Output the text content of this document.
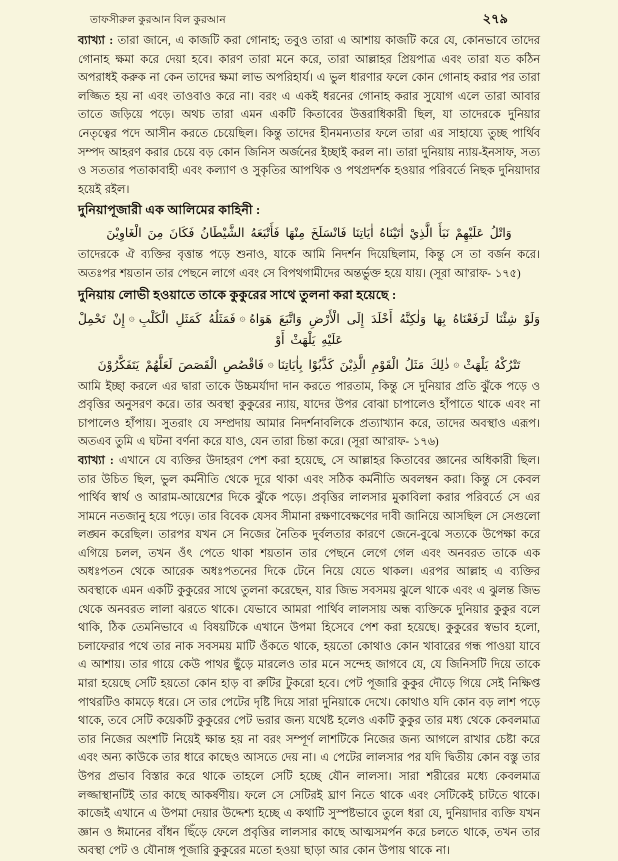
তাফসীরুল কুরআন বিল কুরআন	২৭৯

ব্যাখ্যা : তারা জানে, এ কাজটি করা গোনাহ; তবুও তারা এ আশায় কাজটি করে যে, কোনভাবে তাদের গোনাহ ক্ষমা করে দেয়া হবে। কারণ তারা মনে করে, তারা আল্লাহর প্রিয়পাত্র এবং তারা যত কঠিন অপরাধই করুক না কেন তাদের ক্ষমা লাভ অপরিহার্য। এ ভুল ধারণার ফলে কোন গোনাহ করার পর তারা লজ্জিত হয় না এবং তাওবাও করে না। বরং এ একই ধরনের গোনাহ করার সুযোগ এলে তারা আবার তাতে জড়িয়ে পড়ে। অথচ তারা এমন একটি কিতাবের উত্তরাধিকারী ছিল, যা তাদেরকে দুনিয়ার নেতৃত্বের পদে আসীন করতে চেয়েছিল। কিন্তু তাদের হীনমন্যতার ফলে তারা এর সাহায্যে তুচ্ছ পার্থিব সম্পদ আহরণ করার চেয়ে বড় কোন জিনিস অর্জনের ইচ্ছাই করল না। তারা দুনিয়ায় ন্যায়-ইনসাফ, সত্য ও সততার পতাকাবাহী এবং কল্যাণ ও সুকৃতির আপথিক ও পথপ্রদর্শক হওয়ার পরিবর্তে নিছক দুনিয়াদার হয়েই রইল।

দুনিয়াপূজারী এক আলিমের কাহিনী :
وَاتْلُ عَلَيْهِمْ نَبَأَ الَّذِيْ اٰتَيْنَاهُ اٰيَاتِنَا فَانْسَلَخَ مِنْهَا فَأَتْبَعَهُ الشَّيْطَانُ فَكَانَ مِنَ الْغَاوِيْنَ

তাদেরকে ঐ ব্যক্তির বৃত্তান্ত পড়ে শুনাও, যাকে আমি নিদর্শন দিয়েছিলাম, কিন্তু সে তা বর্জন করে। অতঃপর শয়তান তার পেছনে লাগে এবং সে বিপথগামীদের অন্তর্ভুক্ত হয়ে যায়। (সূরা আ'রাফ- ১৭৫)

দুনিয়ায় লোভী হওয়াতে তাকে কুকুরের সাথে তুলনা করা হয়েছে :
وَلَوْ شِئْنَا لَرَفَعْنَاهُ بِهَا وَلٰكِنَّهُ أَخْلَدَ إِلَى الْأَرْضِ وَاتَّبَعَ هَوَاهُ۞فَمَثَلُهُ كَمَثَلِ الْكَلْبِ۞إِنْ تَحْمِلْ عَلَيْهِ يَلْهَثْ أَوْ
تَتْرُكْهُ يَلْهَثْ۞ذٰلِكَ مَثَلُ الْقَوْمِ الَّذِيْنَ كَذَّبُوْا بِاٰيَاتِنَا۞فَاقْصُصِ الْقَصَصَ لَعَلَّهُمْ يَتَفَكَّرُوْنَ

আমি ইচ্ছা করলে এর দ্বারা তাকে উচ্চমর্যাদা দান করতে পারতাম, কিন্তু সে দুনিয়ার প্রতি ঝুঁকে পড়ে ও প্রবৃত্তির অনুসরণ করে। তার অবস্থা কুকুরের ন্যায়, যাদের উপর বোঝা চাপালেও হাঁপাতে থাকে এবং না চাপালেও হাঁপায়। সুতরাং যে সম্প্রদায় আমার নিদর্শনাবলিকে প্রত্যাখ্যান করে, তাদের অবস্থাও এরূপ। অতএব তুমি এ ঘটনা বর্ণনা করে যাও, যেন তারা চিন্তা করে। (সূরা আ'রাফ- ১৭৬)

ব্যাখ্যা : এখানে যে ব্যক্তির উদাহরণ পেশ করা হয়েছে, সে আল্লাহর কিতাবের জ্ঞানের অধিকারী ছিল। তার উচিত ছিল, ভুল কর্মনীতি থেকে দূরে থাকা এবং সঠিক কর্মনীতি অবলম্বন করা। কিন্তু সে কেবল পার্থিব স্বার্থ ও আরাম-আয়েশের দিকে ঝুঁকে পড়ে। প্রবৃত্তির লালসার মুকাবিলা করার পরিবর্তে সে এর সামনে নতজানু হয়ে পড়ে। তার বিবেক যেসব সীমানা রক্ষণাবেক্ষণের দাবী জানিয়ে আসছিল সে সেগুলো লঙ্ঘন করেছিল। তারপর যখন সে নিজের নৈতিক দুর্বলতার কারণে জেনে-বুঝে সত্যকে উপেক্ষা করে এগিয়ে চলল, তখন ওঁৎ পেতে থাকা শয়তান তার পেছনে লেগে গেল এবং অনবরত তাকে এক অধঃপতন থেকে আরেক অধঃপতনের দিকে টেনে নিয়ে যেতে থাকল। এরপর আল্লাহ এ ব্যক্তির অবস্থাকে এমন একটি কুকুরের সাথে তুলনা করেছেন, যার জিভ সবসময় ঝুলে থাকে এবং এ ঝুলন্ত জিভ থেকে অনবরত লালা ঝরতে থাকে। যেভাবে আমরা পার্থিব লালসায় অন্ধ ব্যক্তিকে দুনিয়ার কুকুর বলে থাকি, ঠিক তেমনিভাবে এ বিষয়টিকে এখানে উপমা হিসেবে পেশ করা হয়েছে। কুকুরের স্বভাব হলো, চলাফেরার পথে তার নাক সবসময় মাটি ওঁকতে থাকে, হয়তো কোথাও কোন খাবারের গন্ধ পাওয়া যাবে এ আশায়। তার গায়ে কেউ পাথর ছুঁড়ে মারলেও তার মনে সন্দেহ জাগবে যে, যে জিনিসটি দিয়ে তাকে মারা হয়েছে সেটি হয়তো কোন হাড় বা রুটির টুকরো হবে। পেট পূজারি কুকুর দৌড়ে গিয়ে সেই নিক্ষিপ্ত পাথরটিও কামড়ে ধরে। সে তার পেটের দৃষ্টি দিয়ে সারা দুনিয়াকে দেখে। কোথাও যদি কোন বড় লাশ পড়ে থাকে, তবে সেটি কয়েকটি কুকুরের পেট ভরার জন্য যথেষ্ট হলেও একটি কুকুর তার মধ্য থেকে কেবলমাত্র তার নিজের অংশটি নিয়েই ক্ষান্ত হয় না বরং সম্পূর্ণ লাশটিকে নিজের জন্য আগলে রাখার চেষ্টা করে এবং অন্য কাউকে তার ধারে কাছেও আসতে দেয় না। এ পেটের লালসার পর যদি দ্বিতীয় কোন বস্তু তার উপর প্রভাব বিস্তার করে থাকে তাহলে সেটি হচ্ছে যৌন লালসা। সারা শরীরের মধ্যে কেবলমাত্র লজ্জাস্থানটিই তার কাছে আকর্ষণীয়। ফলে সে সেটিরই ঘ্রাণ নিতে থাকে এবং সেটিকেই চাটতে থাকে। কাজেই এখানে এ উপমা দেয়ার উদ্দেশ্য হচ্ছে এ কথাটি সুস্পষ্টভাবে তুলে ধরা যে, দুনিয়াদার ব্যক্তি যখন জ্ঞান ও ঈমানের বাঁধন ছিঁড়ে ফেলে প্রবৃত্তির লালসার কাছে আত্মসমর্পন করে চলতে থাকে, তখন তার অবস্থা পেট ও যৌনাঙ্গ পূজারি কুকুরের মতো হওয়া ছাড়া আর কোন উপায় থাকে না।
